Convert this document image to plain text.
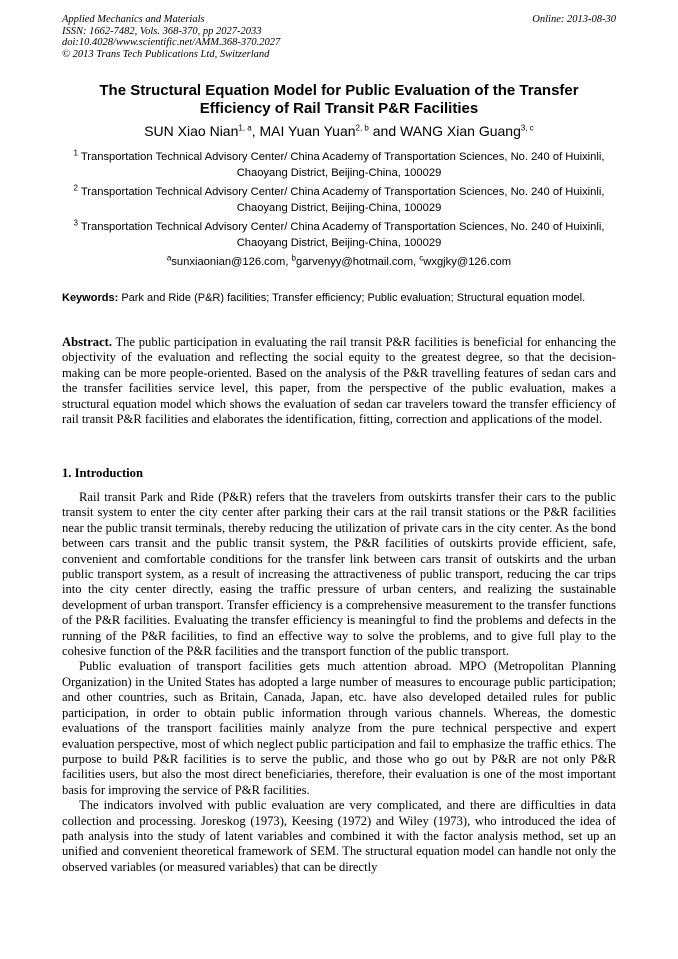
Applied Mechanics and Materials
ISSN: 1662-7482, Vols. 368-370, pp 2027-2033
doi:10.4028/www.scientific.net/AMM.368-370.2027
© 2013 Trans Tech Publications Ltd, Switzerland
Online: 2013-08-30
The Structural Equation Model for Public Evaluation of the Transfer Efficiency of Rail Transit P&R Facilities
SUN Xiao Nian$^{1, a}$, MAI Yuan Yuan$^{2, b}$ and WANG Xian Guang$^{3, c}$
$^1$ Transportation Technical Advisory Center/ China Academy of Transportation Sciences, No. 240 of Huixinli, Chaoyang District, Beijing-China, 100029
$^2$ Transportation Technical Advisory Center/ China Academy of Transportation Sciences, No. 240 of Huixinli, Chaoyang District, Beijing-China, 100029
$^3$ Transportation Technical Advisory Center/ China Academy of Transportation Sciences, No. 240 of Huixinli, Chaoyang District, Beijing-China, 100029
$^a$sunxiaonian@126.com, $^b$garvenyy@hotmail.com, $^c$wxgjky@126.com
Keywords: Park and Ride (P&R) facilities; Transfer efficiency; Public evaluation; Structural equation model.
Abstract. The public participation in evaluating the rail transit P&R facilities is beneficial for enhancing the objectivity of the evaluation and reflecting the social equity to the greatest degree, so that the decision-making can be more people-oriented. Based on the analysis of the P&R travelling features of sedan cars and the transfer facilities service level, this paper, from the perspective of the public evaluation, makes a structural equation model which shows the evaluation of sedan car travelers toward the transfer efficiency of rail transit P&R facilities and elaborates the identification, fitting, correction and applications of the model.
1. Introduction

Rail transit Park and Ride (P&R) refers that the travelers from outskirts transfer their cars to the public transit system to enter the city center after parking their cars at the rail transit stations or the P&R facilities near the public transit terminals, thereby reducing the utilization of private cars in the city center. As the bond between cars transit and the public transit system, the P&R facilities of outskirts provide efficient, safe, convenient and comfortable conditions for the transfer link between cars transit of outskirts and the urban public transport system, as a result of increasing the attractiveness of public transport, reducing the car trips into the city center directly, easing the traffic pressure of urban centers, and realizing the sustainable development of urban transport. Transfer efficiency is a comprehensive measurement to the transfer functions of the P&R facilities. Evaluating the transfer efficiency is meaningful to find the problems and defects in the running of the P&R facilities, to find an effective way to solve the problems, and to give full play to the cohesive function of the P&R facilities and the transport function of the public transport.

Public evaluation of transport facilities gets much attention abroad. MPO (Metropolitan Planning Organization) in the United States has adopted a large number of measures to encourage public participation; and other countries, such as Britain, Canada, Japan, etc. have also developed detailed rules for public participation, in order to obtain public information through various channels. Whereas, the domestic evaluations of the transport facilities mainly analyze from the pure technical perspective and expert evaluation perspective, most of which neglect public participation and fail to emphasize the traffic ethics. The purpose to build P&R facilities is to serve the public, and those who go out by P&R are not only P&R facilities users, but also the most direct beneficiaries, therefore, their evaluation is one of the most important basis for improving the service of P&R facilities.

The indicators involved with public evaluation are very complicated, and there are difficulties in data collection and processing. Joreskog (1973), Keesing (1972) and Wiley (1973), who introduced the idea of path analysis into the study of latent variables and combined it with the factor analysis method, set up an unified and convenient theoretical framework of SEM. The structural equation model can handle not only the observed variables (or measured variables) that can be directly
